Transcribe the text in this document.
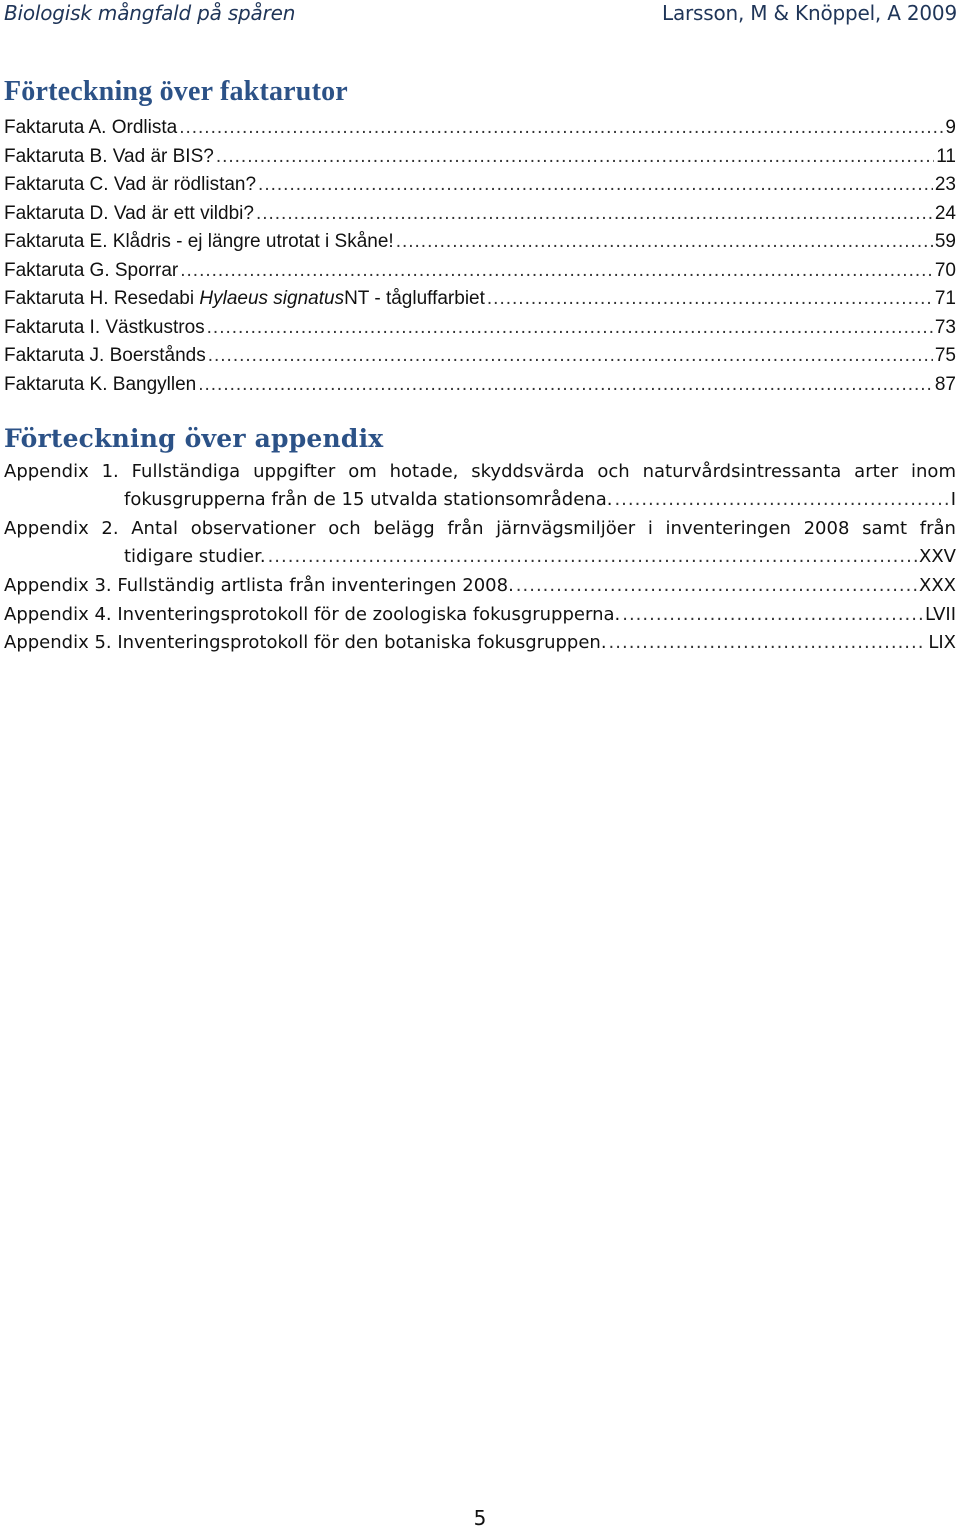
Biologisk mångfald på spåren	Larsson, M & Knöppel, A 2009
Förteckning över faktarutor
Faktaruta A. Ordlista .....	9
Faktaruta B. Vad är BIS? .....	11
Faktaruta C. Vad är rödlistan? .....	23
Faktaruta D. Vad är ett vildbi? .....	24
Faktaruta E. Klådris - ej längre utrotat i Skåne! .....	59
Faktaruta G. Sporrar .....	70
Faktaruta H. Resedabi Hylaeus signatusNT - tågluffarbiet .....	71
Faktaruta I. Västkustros .....	73
Faktaruta J. Boerstånds .....	75
Faktaruta K. Bangyllen .....	87
Förteckning över appendix
Appendix 1. Fullständiga uppgifter om hotade, skyddsvärda och naturvårdsintressanta arter inom
fokusgrupperna från de 15 utvalda stationsområdena. .....	I
Appendix 2. Antal observationer och belägg från järnvägsmiljöer i inventeringen 2008 samt från
tidigare studier. .....	XXV
Appendix 3. Fullständig artlista från inventeringen 2008. .....	XXX
Appendix 4. Inventeringsprotokoll för de zoologiska fokusgrupperna. .....	LVII
Appendix 5. Inventeringsprotokoll för den botaniska fokusgruppen. .....	LIX
5
